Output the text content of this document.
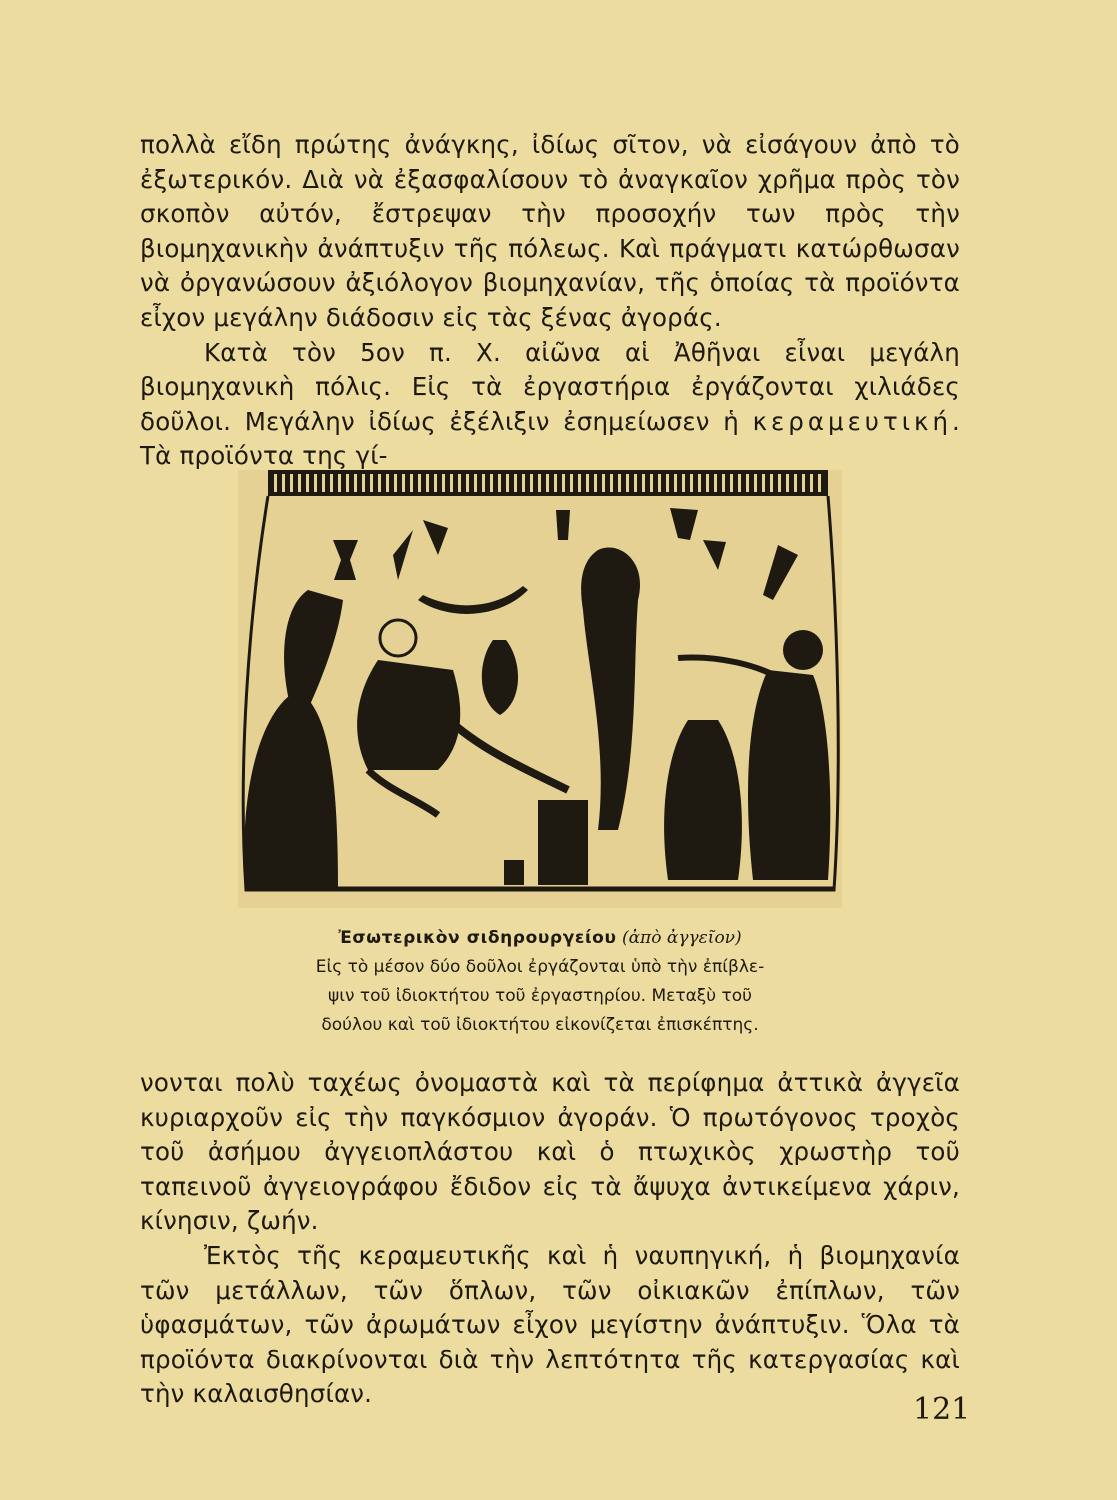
πολλὰ εἴδη πρώτης ἀνάγκης, ἰδίως σῖτον, νὰ εἰσάγουν ἀπὸ τὸ ἐξωτερικόν. Διὰ νὰ ἐξασφαλίσουν τὸ ἀναγκαῖον χρῆμα πρὸς τὸν σκοπὸν αὐτόν, ἔστρεψαν τὴν προσοχήν των πρὸς τὴν βιομηχανικὴν ἀνάπτυξιν τῆς πόλεως. Καὶ πράγματι κατώρθωσαν νὰ ὀργανώσουν ἀξιόλογον βιομηχανίαν, τῆς ὁποίας τὰ προϊόντα εἶχον μεγάλην διάδοσιν εἰς τὰς ξένας ἀγοράς.

Κατὰ τὸν 5ον π. Χ. αἰῶνα αἱ Ἀθῆναι εἶναι μεγάλη βιομηχανικὴ πόλις. Εἰς τὰ ἐργαστήρια ἐργάζονται χιλιάδες δοῦλοι. Μεγάλην ἰδίως ἐξέλιξιν ἐσημείωσεν ἡ κεραμευτική. Τὰ προϊόντα της γί-

Ἐσωτερικὸν σιδηρουργείου (ἀπὸ ἀγγεῖον)
Εἰς τὸ μέσον δύο δοῦλοι ἐργάζονται ὑπὸ τὴν ἐπίβλε-
ψιν τοῦ ἰδιοκτήτου τοῦ ἐργαστηρίου. Μεταξὺ τοῦ
δούλου καὶ τοῦ ἰδιοκτήτου εἰκονίζεται ἐπισκέπτης.

νονται πολὺ ταχέως ὀνομαστὰ καὶ τὰ περίφημα ἀττικὰ ἀγγεῖα κυριαρχοῦν εἰς τὴν παγκόσμιον ἀγοράν. Ὁ πρωτόγονος τροχὸς τοῦ ἀσήμου ἀγγειοπλάστου καὶ ὁ πτωχικὸς χρωστὴρ τοῦ ταπεινοῦ ἀγγειογράφου ἔδιδον εἰς τὰ ἄψυχα ἀντικείμενα χάριν, κίνησιν, ζωήν.

Ἐκτὸς τῆς κεραμευτικῆς καὶ ἡ ναυπηγική, ἡ βιομηχανία τῶν μετάλλων, τῶν ὅπλων, τῶν οἰκιακῶν ἐπίπλων, τῶν ὑφασμάτων, τῶν ἀρωμάτων εἶχον μεγίστην ἀνάπτυξιν. Ὅλα τὰ προϊόντα διακρίνονται διὰ τὴν λεπτότητα τῆς κατεργασίας καὶ τὴν καλαισθησίαν.	121
